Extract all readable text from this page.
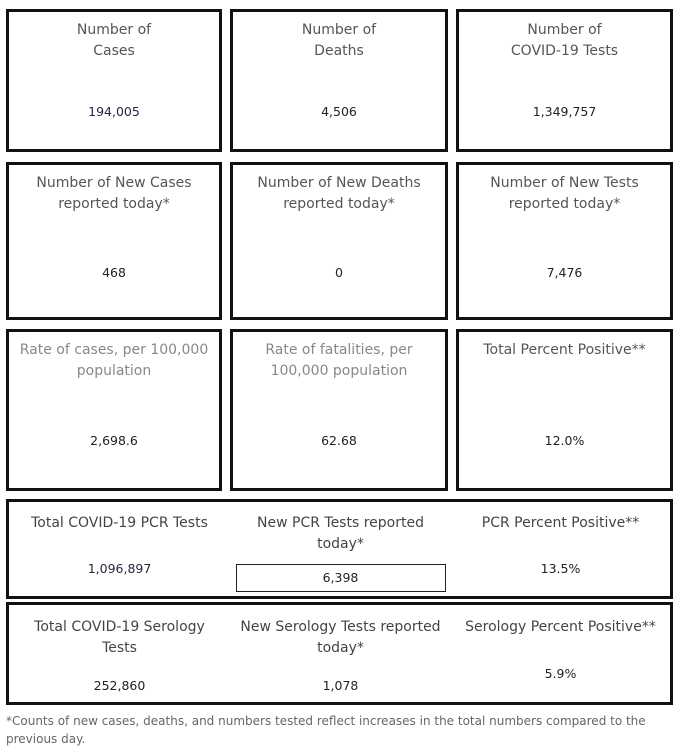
Number of
Cases
194,005
Number of
Deaths
4,506
Number of
COVID-19 Tests
1,349,757
Number of New Cases
reported today*
468
Number of New Deaths
reported today*
0
Number of New Tests
reported today*
7,476
Rate of cases, per 100,000
population
2,698.6
Rate of fatalities, per
100,000 population
62.68
Total Percent Positive**
12.0%
Total COVID-19 PCR Tests
1,096,897
New PCR Tests reported
today*
6,398
PCR Percent Positive**
13.5%
Total COVID-19 Serology
Tests
252,860
New Serology Tests reported
today*
1,078
Serology Percent Positive**
5.9%
*Counts of new cases, deaths, and numbers tested reflect increases in the total numbers compared to the
previous day.
